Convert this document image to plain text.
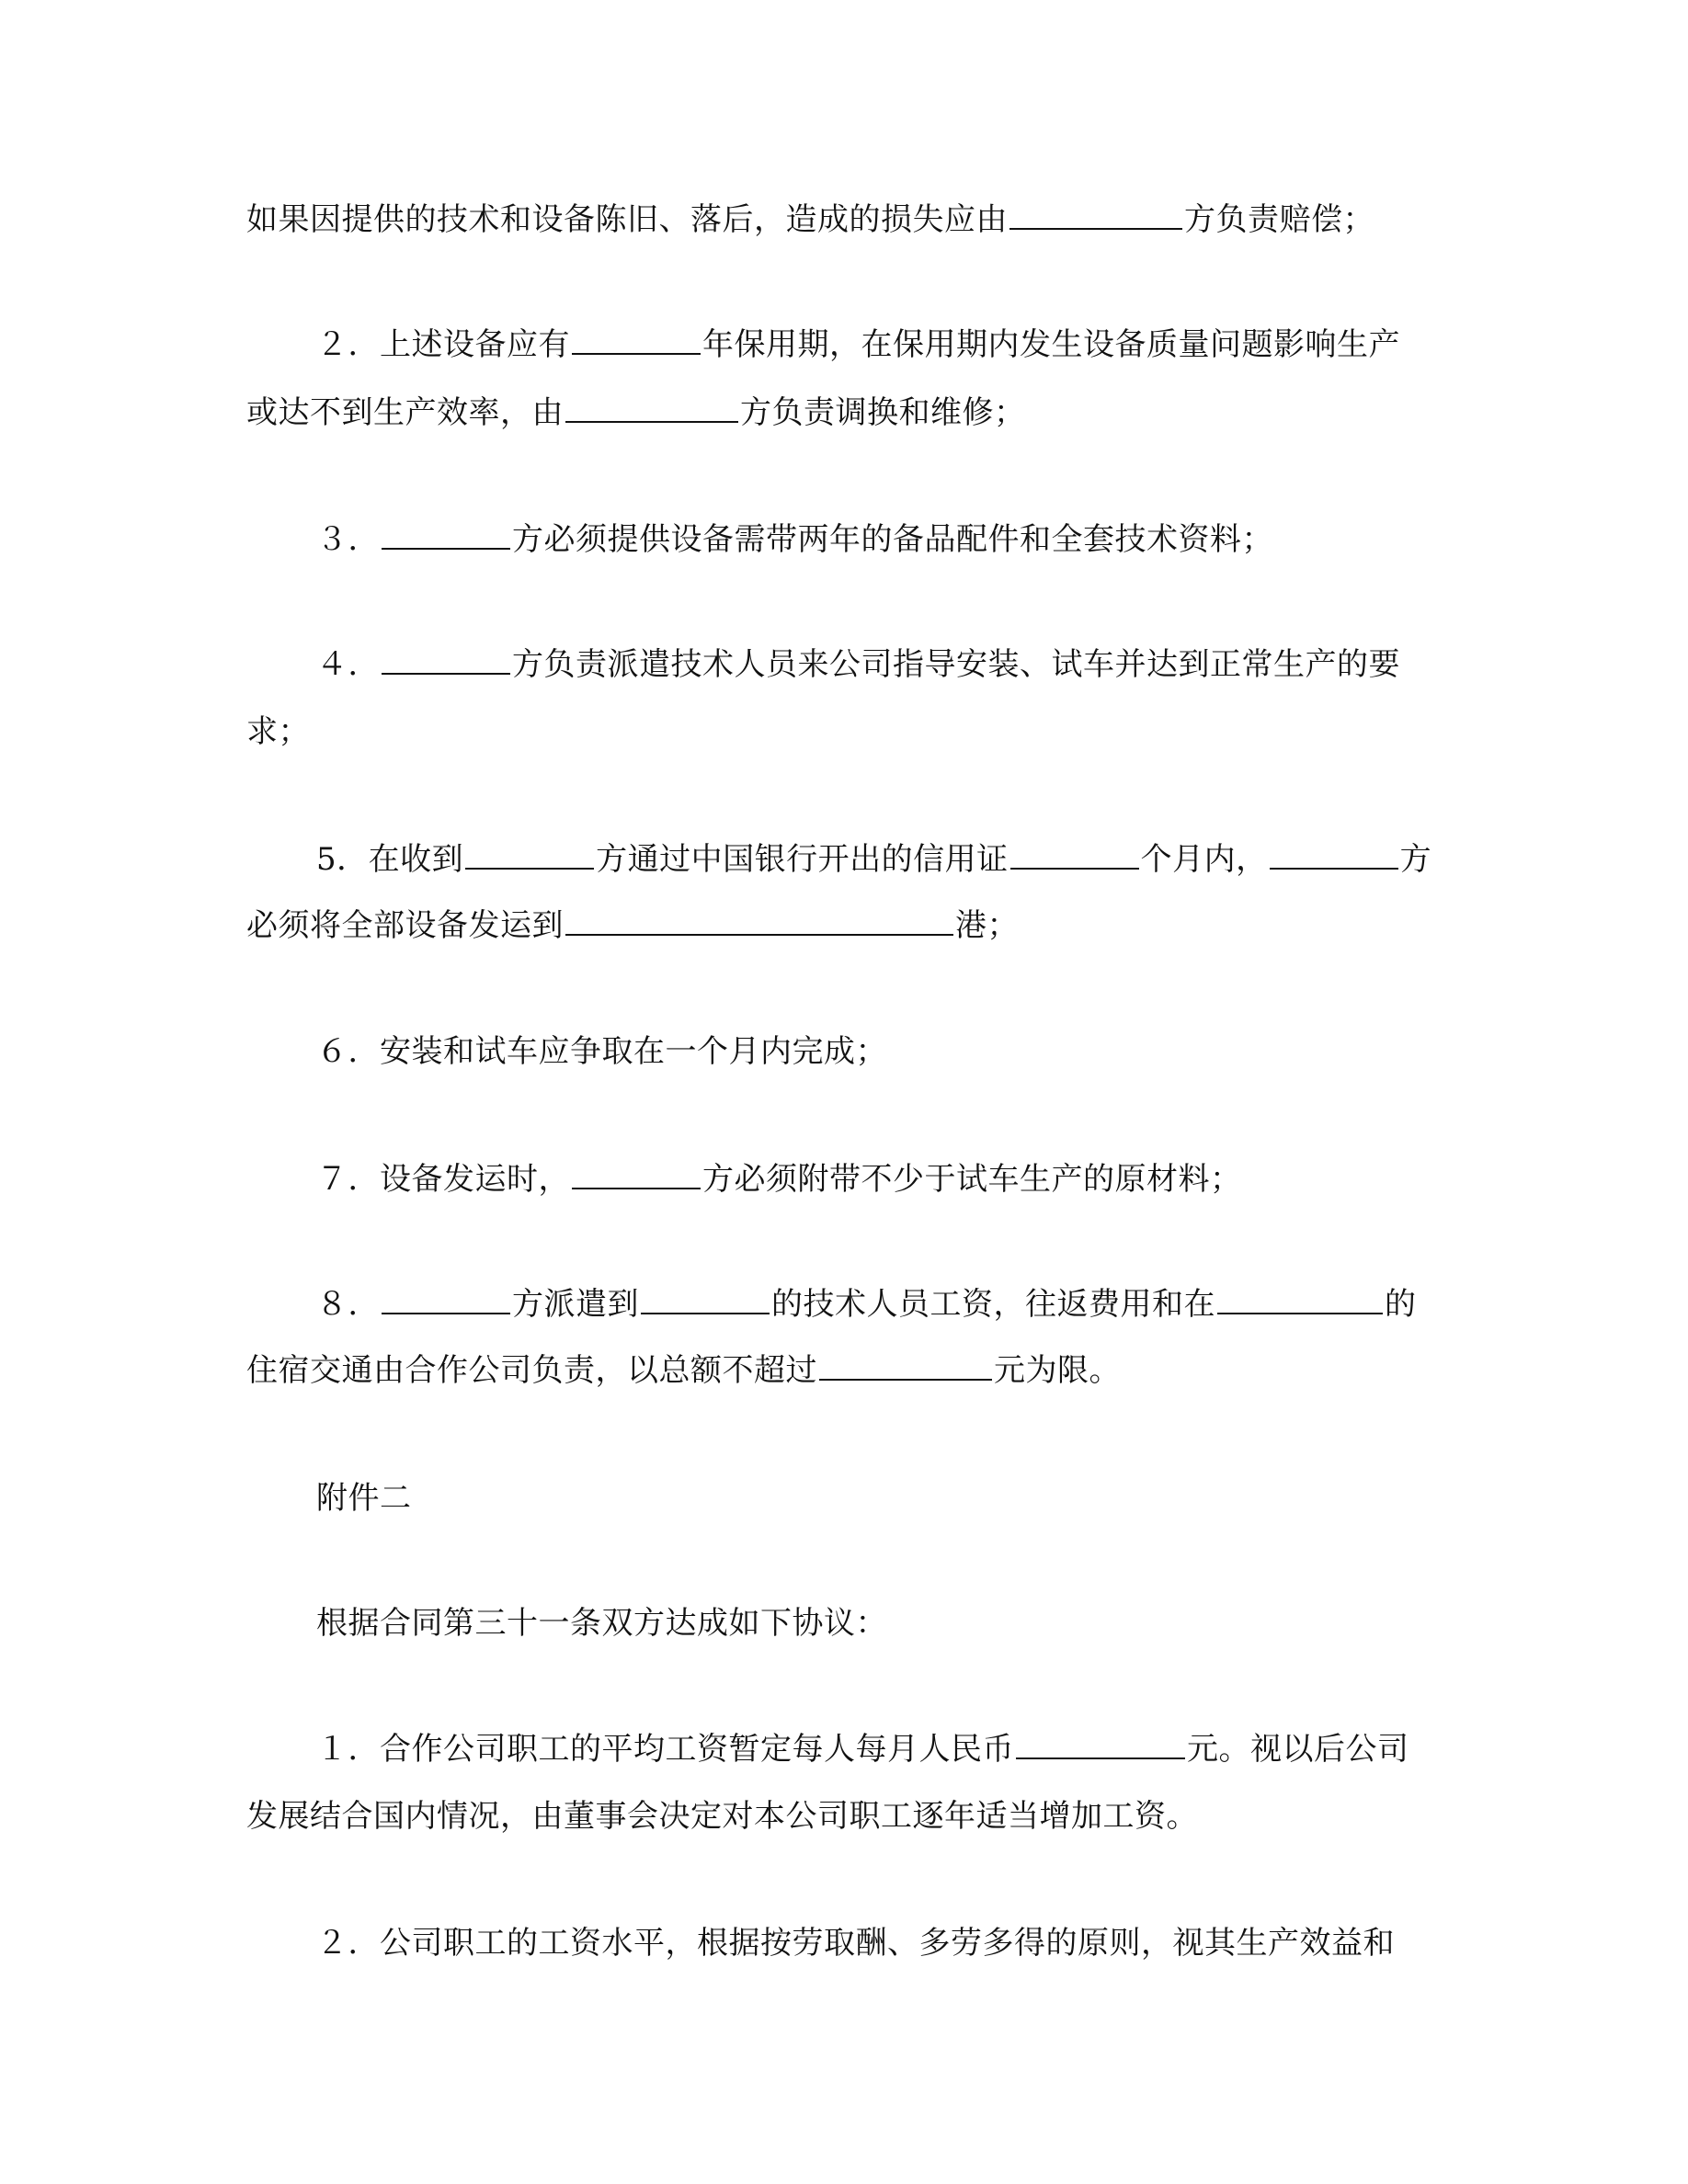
如果因提供的技术和设备陈旧、落后，造成的损失应由	方负责赔偿；
２．上述设备应有	年保用期，在保用期内发生设备质量问题影响生产
或达不到生产效率，由	方负责调换和维修；
３．	方必须提供设备需带两年的备品配件和全套技术资料；
４．	方负责派遣技术人员来公司指导安装、试车并达到正常生产的要
求；
5．在收到	方通过中国银行开出的信用证	个月内，	方
必须将全部设备发运到	港；
６．安装和试车应争取在一个月内完成；
７．设备发运时，	方必须附带不少于试车生产的原材料；
８．	方派遣到	的技术人员工资，往返费用和在	的
住宿交通由合作公司负责，以总额不超过	元为限。
附件二
根据合同第三十一条双方达成如下协议：
１．合作公司职工的平均工资暂定每人每月人民币	元。视以后公司
发展结合国内情况，由董事会决定对本公司职工逐年适当增加工资。
２．公司职工的工资水平，根据按劳取酬、多劳多得的原则，视其生产效益和
